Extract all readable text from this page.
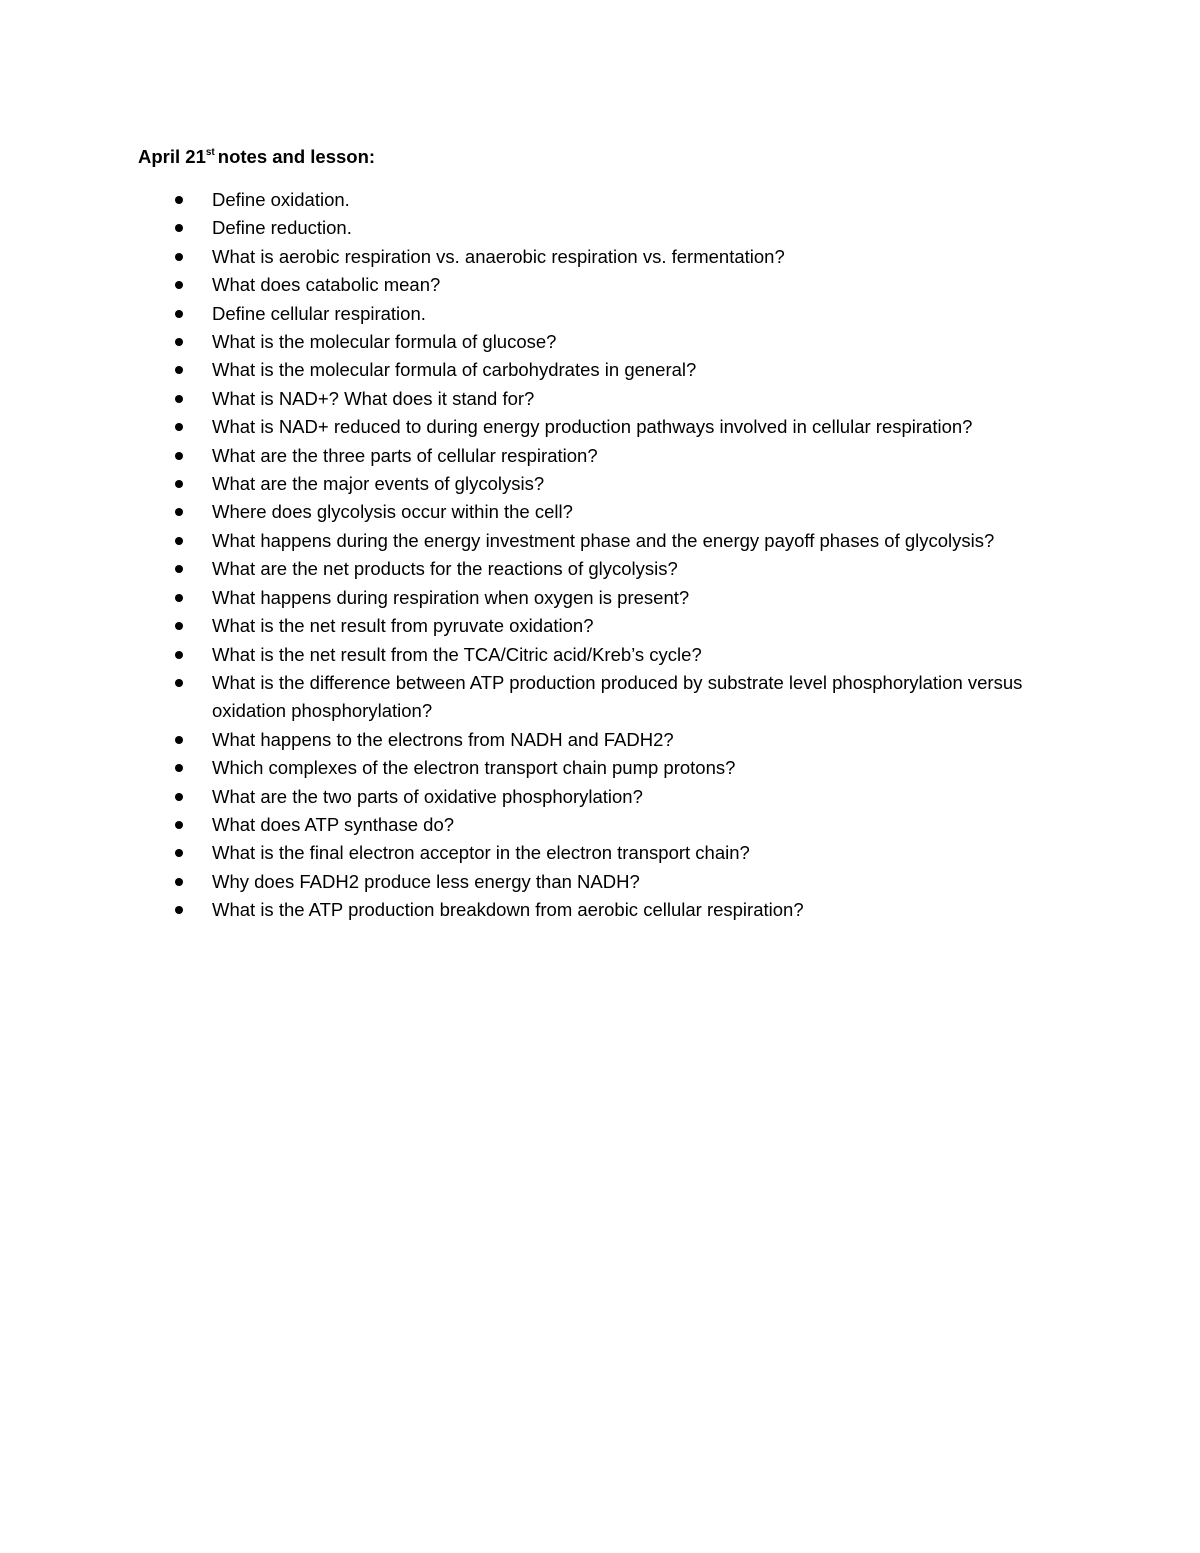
April 21st notes and lesson:
Define oxidation.
Define reduction.
What is aerobic respiration vs. anaerobic respiration vs. fermentation?
What does catabolic mean?
Define cellular respiration.
What is the molecular formula of glucose?
What is the molecular formula of carbohydrates in general?
What is NAD+? What does it stand for?
What is NAD+ reduced to during energy production pathways involved in cellular respiration?
What are the three parts of cellular respiration?
What are the major events of glycolysis?
Where does glycolysis occur within the cell?
What happens during the energy investment phase and the energy payoff phases of glycolysis?
What are the net products for the reactions of glycolysis?
What happens during respiration when oxygen is present?
What is the net result from pyruvate oxidation?
What is the net result from the TCA/Citric acid/Kreb’s cycle?
What is the difference between ATP production produced by substrate level phosphorylation versus oxidation phosphorylation?
What happens to the electrons from NADH and FADH2?
Which complexes of the electron transport chain pump protons?
What are the two parts of oxidative phosphorylation?
What does ATP synthase do?
What is the final electron acceptor in the electron transport chain?
Why does FADH2 produce less energy than NADH?
What is the ATP production breakdown from aerobic cellular respiration?
